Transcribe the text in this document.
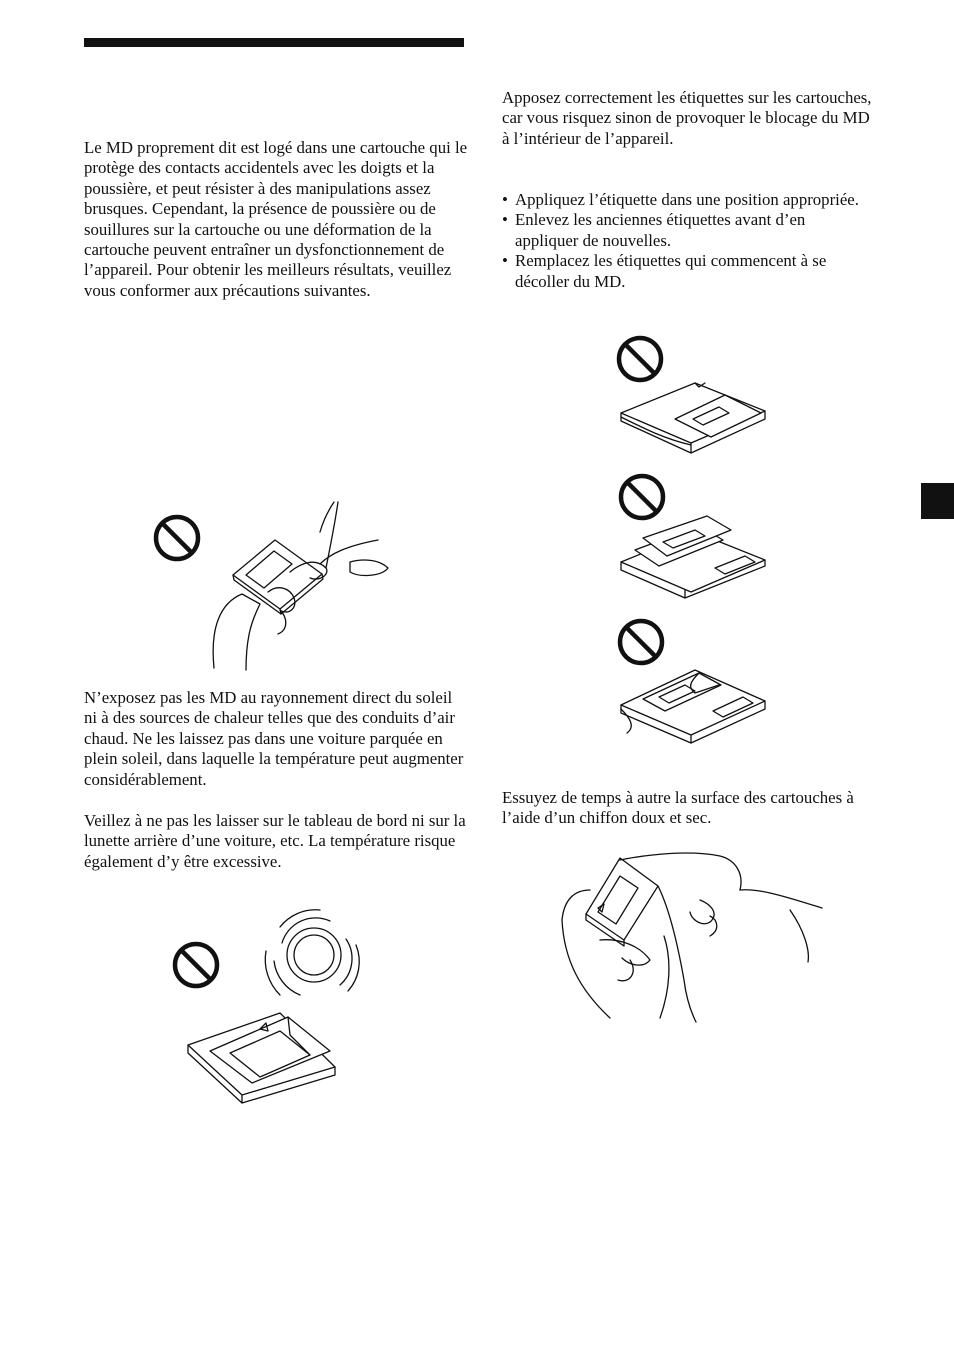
Le MD proprement dit est logé dans une cartouche qui le protège des contacts accidentels avec les doigts et la poussière, et peut résister à des manipulations assez brusques. Cependant, la présence de poussière ou de souillures sur la cartouche ou une déformation de la cartouche peuvent entraîner un dysfonctionnement de l’appareil. Pour obtenir les meilleurs résultats, veuillez vous conformer aux précautions suivantes.

N’exposez pas les MD au rayonnement direct du soleil ni à des sources de chaleur telles que des conduits d’air chaud. Ne les laissez pas dans une voiture parquée en plein soleil, dans laquelle la température peut augmenter considérablement.

Veillez à ne pas les laisser sur le tableau de bord ni sur la lunette arrière d’une voiture, etc. La température risque également d’y être excessive.

Apposez correctement les étiquettes sur les cartouches, car vous risquez sinon de provoquer le blocage du MD à l’intérieur de l’appareil.

• Appliquez l’étiquette dans une position appropriée.
• Enlevez les anciennes étiquettes avant d’en appliquer de nouvelles.
• Remplacez les étiquettes qui commencent à se décoller du MD.

Essuyez de temps à autre la surface des cartouches à l’aide d’un chiffon doux et sec.
